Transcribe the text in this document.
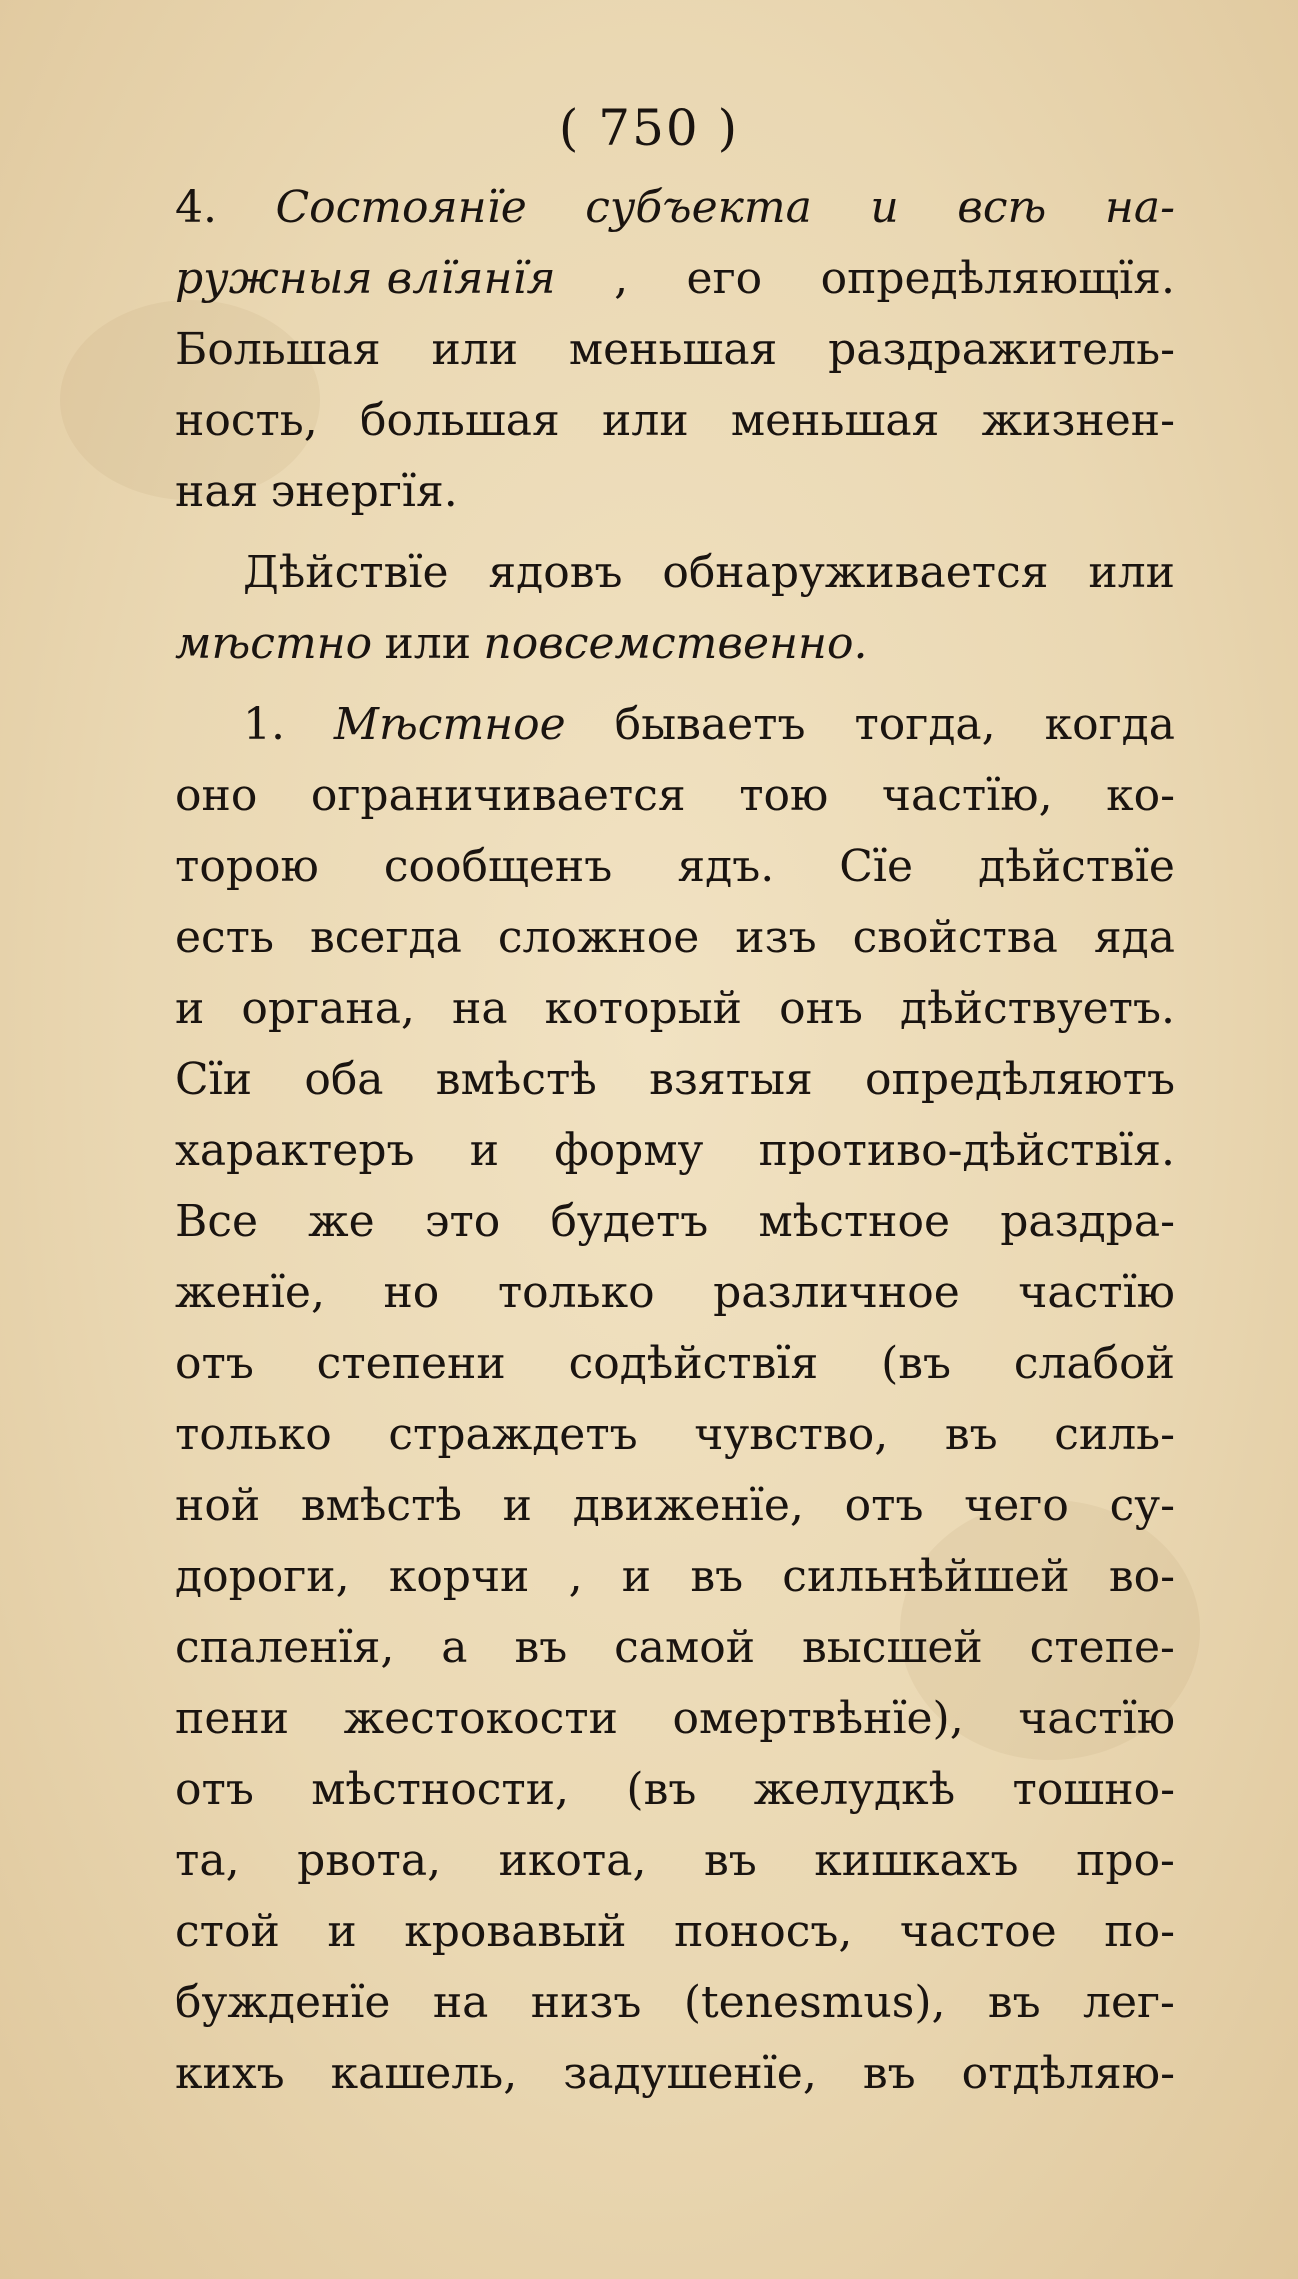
( 750 )
4. Состоянїе субъекта и всѣ на-
ружныя влїянїя , его опредѣляющїя.
Большая или меньшая раздражитель-
ность, большая или меньшая жизнен-
ная энергїя.
Дѣйствїе ядовъ обнаруживается или
мѣстно или повсемственно.
1. Мѣстное бываетъ тогда, когда
оно ограничивается тою частїю, ко-
торою сообщенъ ядъ. Сїе дѣйствїе
есть всегда сложное изъ свойства яда
и органа, на который онъ дѣйствуетъ.
Сїи оба вмѣстѣ взятыя опредѣляютъ
характеръ и форму противо-дѣйствїя.
Все же это будетъ мѣстное раздра-
женїе, но только различное частїю
отъ степени содѣйствїя (въ слабой
только страждетъ чувство, въ силь-
ной вмѣстѣ и движенїе, отъ чего су-
дороги, корчи , и въ сильнѣйшей во-
спаленїя, а въ самой высшей степе-
пени жестокости омертвѣнїе), частїю
отъ мѣстности, (въ желудкѣ тошно-
та, рвота, икота, въ кишкахъ про-
стой и кровавый поносъ, частое по-
бужденїе на низъ (tenesmus), въ лег-
кихъ кашель, задушенїе, въ отдѣляю-
